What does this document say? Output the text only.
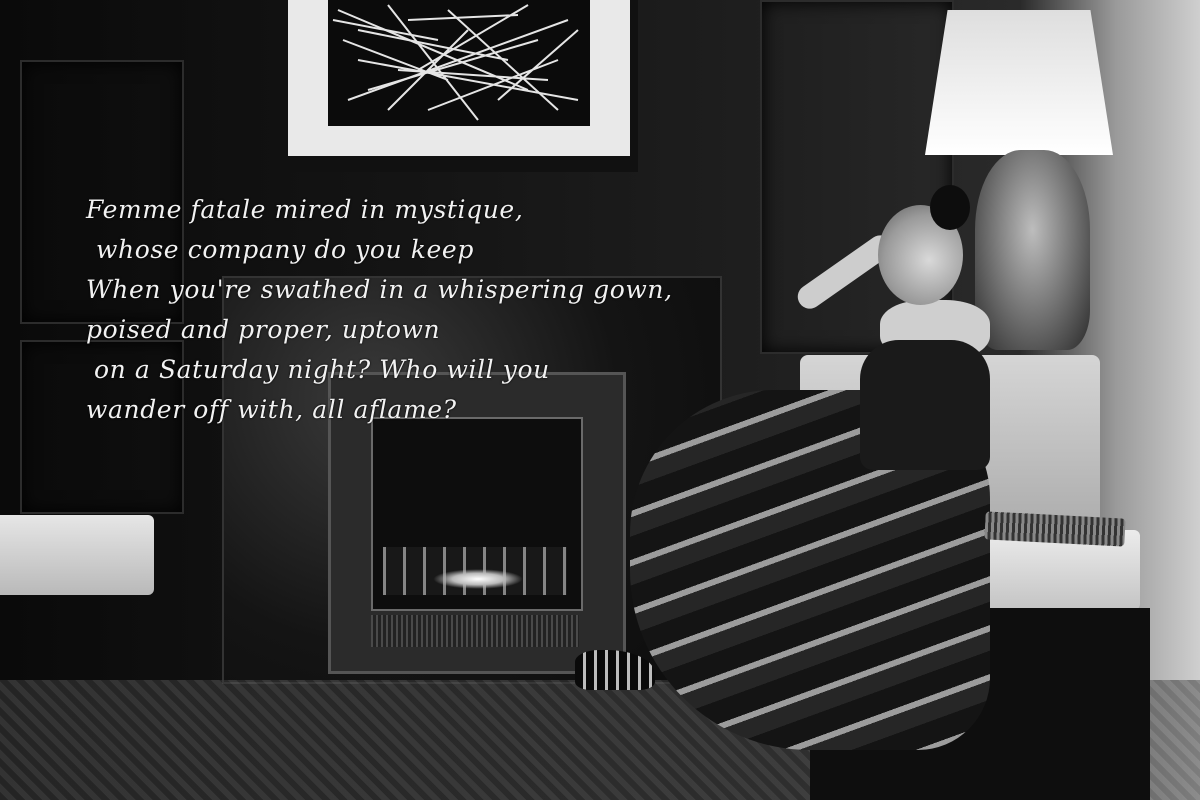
Femme fatale mired in mystique,
whose company do you keep
When you're swathed in a whispering gown,
poised and proper, uptown
on a Saturday night? Who will you
wander off with, all aflame?
